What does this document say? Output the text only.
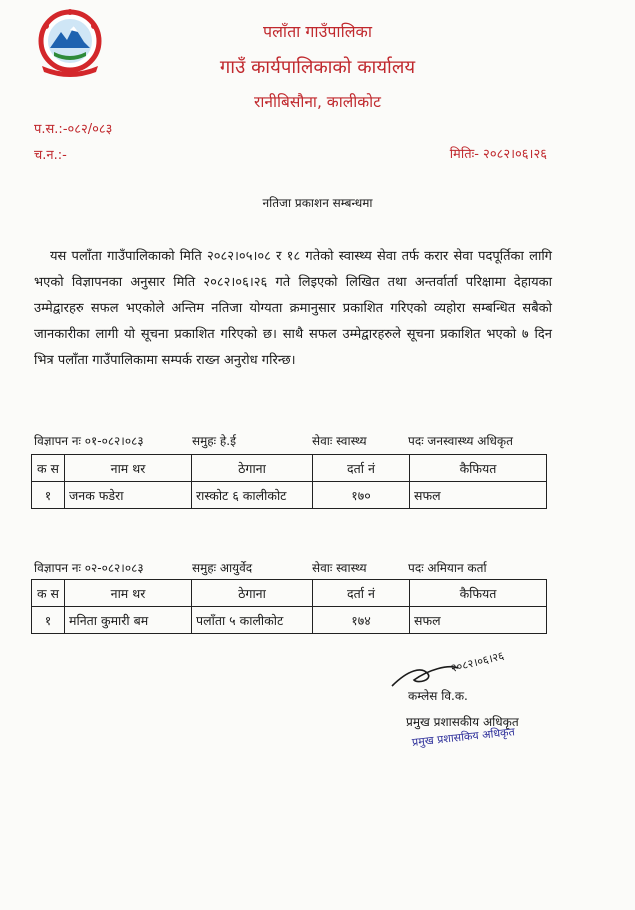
पलाँता गाउँपालिका
गाउँ कार्यपालिकाको कार्यालय
रानीबिसौना, कालीकोट
प.स.:-०८२/०८३
च.न.:-	मितिः- २०८२।०६।२६
नतिजा प्रकाशन सम्बन्धमा
यस पलाँता गाउँपालिकाको मिति २०८२।०५।०८ र १८ गतेको स्वास्थ्य सेवा तर्फ करार सेवा पदपूर्तिका लागि भएको विज्ञापनका अनुसार मिति २०८२।०६।२६ गते लिइएको लिखित तथा अन्तर्वार्ता परिक्षामा देहायका उम्मेद्वारहरु सफल भएकोले अन्तिम नतिजा योग्यता क्रमानुसार प्रकाशित गरिएको व्यहोरा सम्बन्धित सबैको जानकारीका लागी यो सूचना प्रकाशित गरिएको छ। साथै सफल उम्मेद्वारहरुले सूचना प्रकाशित भएको ७ दिन भित्र पलाँता गाउँपालिकामा सम्पर्क राख्न अनुरोध गरिन्छ।
विज्ञापन नः ०१-०८२।०८३	समुहः हे.ई	सेवाः स्वास्थ्य	पदः जनस्वास्थ्य अधिकृत
क स	नाम थर	ठेगाना	दर्ता नं	कैफियत
१	जनक फडेरा	रास्कोट ६ कालीकोट	१७०	सफल
विज्ञापन नः ०२-०८२।०८३	समुहः आयुर्वेद	सेवाः स्वास्थ्य	पदः अमियान कर्ता
क स	नाम थर	ठेगाना	दर्ता नं	कैफियत
१	मनिता कुमारी बम	पलाँता ५ कालीकोट	१७४	सफल
२०८२।०६।२६
कम्लेस वि.क.
प्रमुख प्रशासकीय अधिकृत
प्रमुख प्रशासकिय अधिकृत
